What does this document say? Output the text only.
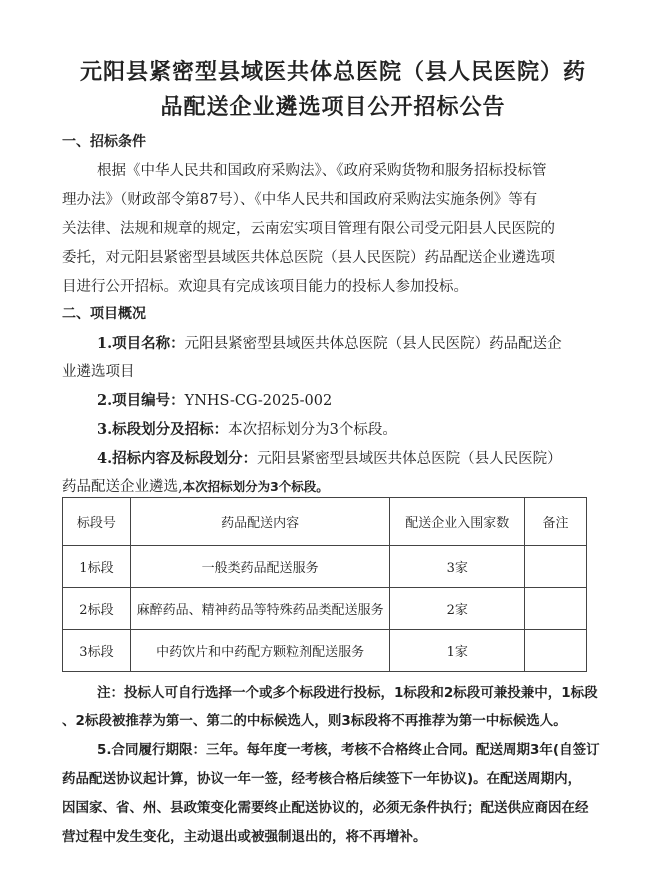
元阳县紧密型县域医共体总医院（县人民医院）药
品配送企业遴选项目公开招标公告
一、招标条件
根据《中华人民共和国政府采购法》、《政府采购货物和服务招标投标管
理办法》（财政部令第87号）、《中华人民共和国政府采购法实施条例》等有
关法律、法规和规章的规定，云南宏实项目管理有限公司受元阳县人民医院的
委托，对元阳县紧密型县域医共体总医院（县人民医院）药品配送企业遴选项
目进行公开招标。欢迎具有完成该项目能力的投标人参加投标。
二、项目概况
1.项目名称：元阳县紧密型县域医共体总医院（县人民医院）药品配送企
业遴选项目
2.项目编号：YNHS-CG-2025-002
3.标段划分及招标：本次招标划分为3个标段。
4.招标内容及标段划分：元阳县紧密型县域医共体总医院（县人民医院）
药品配送企业遴选,本次招标划分为3个标段。
标段号	药品配送内容	配送企业入围家数	备注
1标段	一般类药品配送服务	3家	
2标段	麻醉药品、精神药品等特殊药品类配送服务	2家	
3标段	中药饮片和中药配方颗粒剂配送服务	1家	
注：投标人可自行选择一个或多个标段进行投标，1标段和2标段可兼投兼中，1标段
、2标段被推荐为第一、第二的中标候选人，则3标段将不再推荐为第一中标候选人。
5.合同履行期限：三年。每年度一考核，考核不合格终止合同。配送周期3年(自签订
药品配送协议起计算，协议一年一签，经考核合格后续签下一年协议)。在配送周期内，
因国家、省、州、县政策变化需要终止配送协议的，必须无条件执行；配送供应商因在经
营过程中发生变化，主动退出或被强制退出的，将不再增补。
